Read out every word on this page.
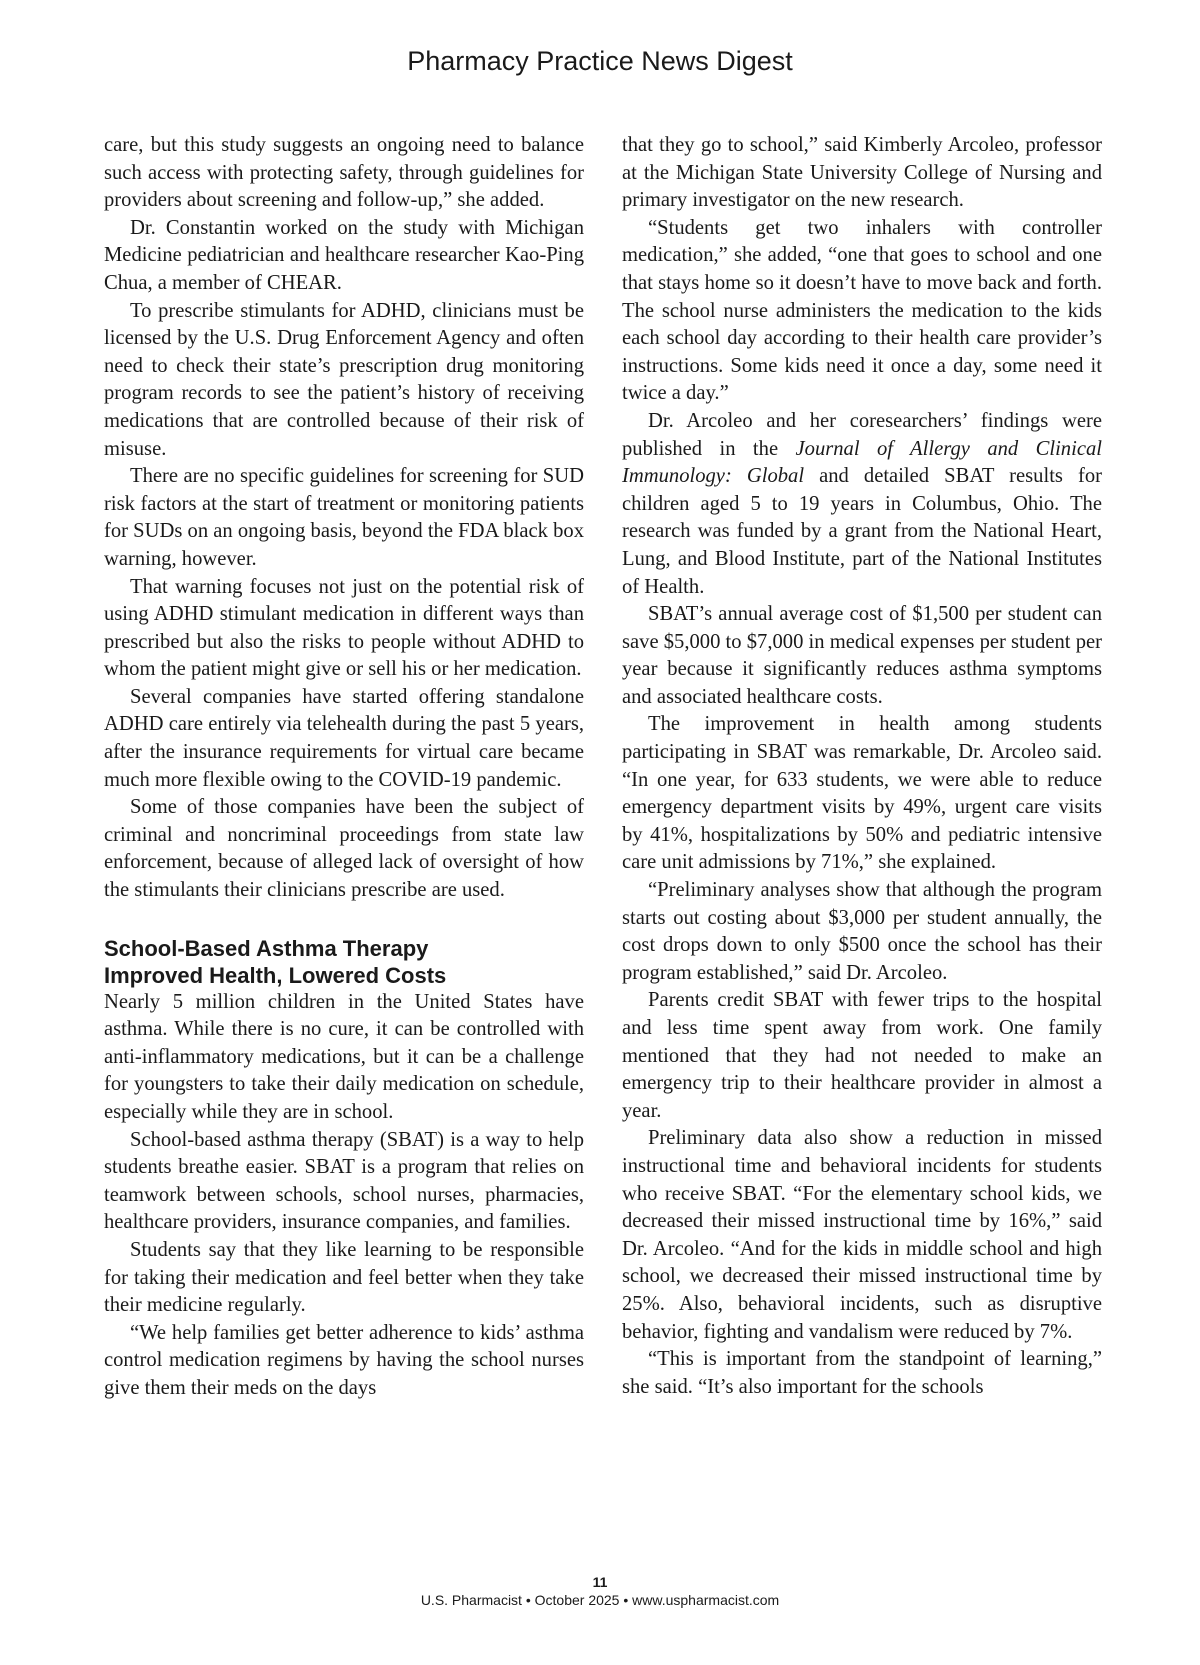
Pharmacy Practice News Digest

care, but this study suggests an ongoing need to balance such access with protecting safety, through guidelines for providers about screening and follow-up,” she added.

Dr. Constantin worked on the study with Michigan Medicine pediatrician and healthcare researcher Kao-Ping Chua, a member of CHEAR.

To prescribe stimulants for ADHD, clinicians must be licensed by the U.S. Drug Enforcement Agency and often need to check their state’s prescription drug monitoring program records to see the patient’s history of receiving medications that are controlled because of their risk of misuse.

There are no specific guidelines for screening for SUD risk factors at the start of treatment or monitoring patients for SUDs on an ongoing basis, beyond the FDA black box warning, however.

That warning focuses not just on the potential risk of using ADHD stimulant medication in different ways than prescribed but also the risks to people without ADHD to whom the patient might give or sell his or her medication.

Several companies have started offering standalone ADHD care entirely via telehealth during the past 5 years, after the insurance requirements for virtual care became much more flexible owing to the COVID-19 pandemic.

Some of those companies have been the subject of criminal and noncriminal proceedings from state law enforcement, because of alleged lack of oversight of how the stimulants their clinicians prescribe are used.

School-Based Asthma Therapy
Improved Health, Lowered Costs

Nearly 5 million children in the United States have asthma. While there is no cure, it can be controlled with anti-inflammatory medications, but it can be a challenge for youngsters to take their daily medication on schedule, especially while they are in school.

School-based asthma therapy (SBAT) is a way to help students breathe easier. SBAT is a program that relies on teamwork between schools, school nurses, pharmacies, healthcare providers, insurance companies, and families.

Students say that they like learning to be responsible for taking their medication and feel better when they take their medicine regularly.

“We help families get better adherence to kids’ asthma control medication regimens by having the school nurses give them their meds on the days

that they go to school,” said Kimberly Arcoleo, professor at the Michigan State University College of Nursing and primary investigator on the new research.

“Students get two inhalers with controller medication,” she added, “one that goes to school and one that stays home so it doesn’t have to move back and forth. The school nurse administers the medication to the kids each school day according to their health care provider’s instructions. Some kids need it once a day, some need it twice a day.”

Dr. Arcoleo and her coresearchers’ findings were published in the Journal of Allergy and Clinical Immunology: Global and detailed SBAT results for children aged 5 to 19 years in Columbus, Ohio. The research was funded by a grant from the National Heart, Lung, and Blood Institute, part of the National Institutes of Health.

SBAT’s annual average cost of $1,500 per student can save $5,000 to $7,000 in medical expenses per student per year because it significantly reduces asthma symptoms and associated healthcare costs.

The improvement in health among students participating in SBAT was remarkable, Dr. Arcoleo said. “In one year, for 633 students, we were able to reduce emergency department visits by 49%, urgent care visits by 41%, hospitalizations by 50% and pediatric intensive care unit admissions by 71%,” she explained.

“Preliminary analyses show that although the program starts out costing about $3,000 per student annually, the cost drops down to only $500 once the school has their program established,” said Dr. Arcoleo.

Parents credit SBAT with fewer trips to the hospital and less time spent away from work. One family mentioned that they had not needed to make an emergency trip to their healthcare provider in almost a year.

Preliminary data also show a reduction in missed instructional time and behavioral incidents for students who receive SBAT. “For the elementary school kids, we decreased their missed instructional time by 16%,” said Dr. Arcoleo. “And for the kids in middle school and high school, we decreased their missed instructional time by 25%. Also, behavioral incidents, such as disruptive behavior, fighting and vandalism were reduced by 7%.

“This is important from the standpoint of learning,” she said. “It’s also important for the schools

11
U.S. Pharmacist • October 2025 • www.uspharmacist.com
